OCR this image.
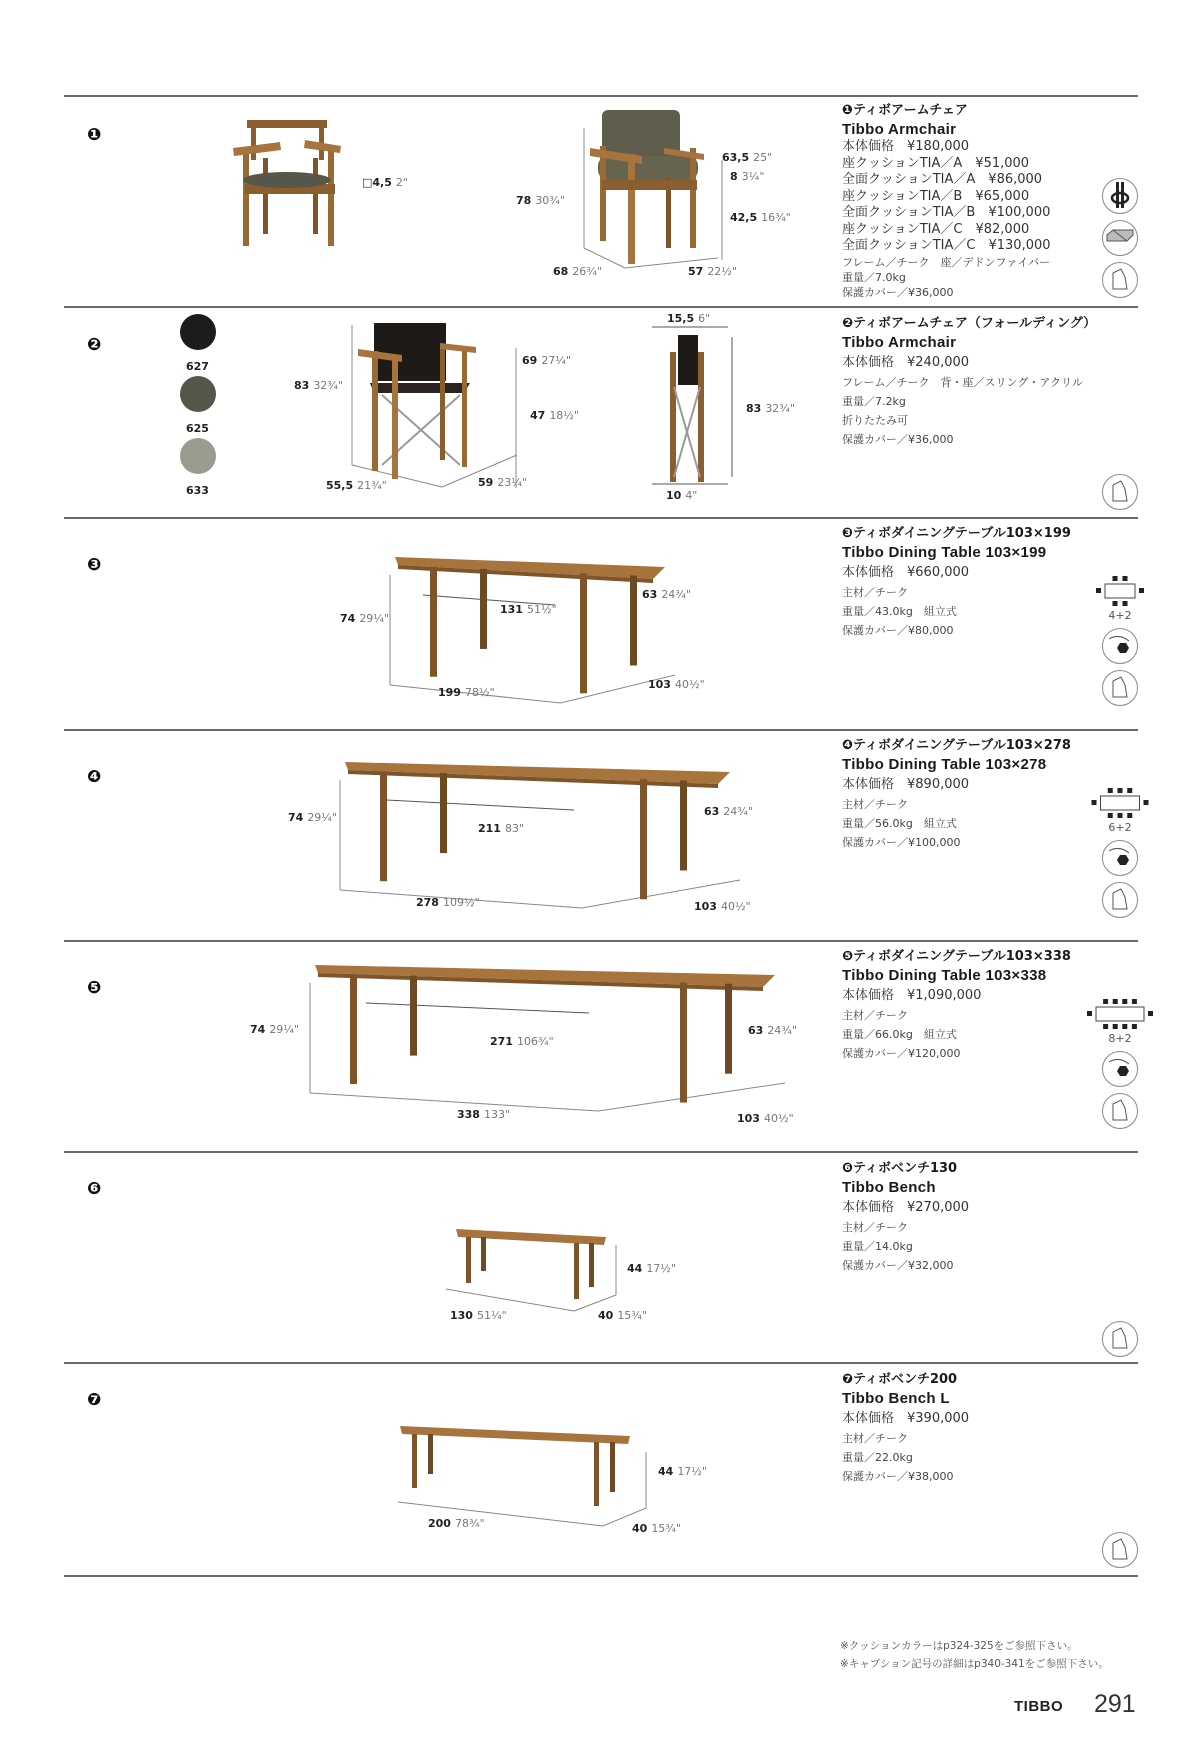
❶
□4,5 2"
78 30¾"
63,5 25"
8 3¼"
42,5 16¾"
68 26¾"	57 22½"
❶ティボアームチェア
Tibbo Armchair
本体価格　¥180,000
座クッションTIA／A　¥51,000
全面クッションTIA／A　¥86,000
座クッションTIA／B　¥65,000
全面クッションTIA／B　¥100,000
座クッションTIA／C　¥82,000
全面クッションTIA／C　¥130,000
フレーム／チーク　座／デドンファイバー
重量／7.0kg
保護カバー／¥36,000
❷
627
625
633
83 32¾"
69 27¼"
47 18½"
55,5 21¾"	59 23¼"
15,5 6"
83 32¾"
10 4"
❷ティボアームチェア（フォールディング）
Tibbo Armchair
本体価格　¥240,000
フレーム／チーク　背・座／スリング・アクリル
重量／7.2kg
折りたたみ可
保護カバー／¥36,000
❸
74 29¼"
131 51½"
63 24¾"
199 78½"
103 40½"
❸ティボダイニングテーブル103×199
Tibbo Dining Table 103×199
本体価格　¥660,000
主材／チーク
重量／43.0kg　組立式
保護カバー／¥80,000
4+2
❹
74 29¼"
211 83"
63 24¾"
278 109½"	103 40½"
❹ティボダイニングテーブル103×278
Tibbo Dining Table 103×278
本体価格　¥890,000
主材／チーク
重量／56.0kg　組立式
保護カバー／¥100,000
6+2
❺
74 29¼"
271 106¾"
63 24¾"
338 133"	103 40½"
❺ティボダイニングテーブル103×338
Tibbo Dining Table 103×338
本体価格　¥1,090,000
主材／チーク
重量／66.0kg　組立式
保護カバー／¥120,000
8+2
❻
44 17½"
130 51¼"	40 15¾"
❻ティボベンチ130
Tibbo Bench
本体価格　¥270,000
主材／チーク
重量／14.0kg
保護カバー／¥32,000
❼
44 17½"
200 78¾"	40 15¾"
❼ティボベンチ200
Tibbo Bench L
本体価格　¥390,000
主材／チーク
重量／22.0kg
保護カバー／¥38,000
※クッションカラーはp324-325をご参照下さい。
※キャプション記号の詳細はp340-341をご参照下さい。
TIBBO 291
